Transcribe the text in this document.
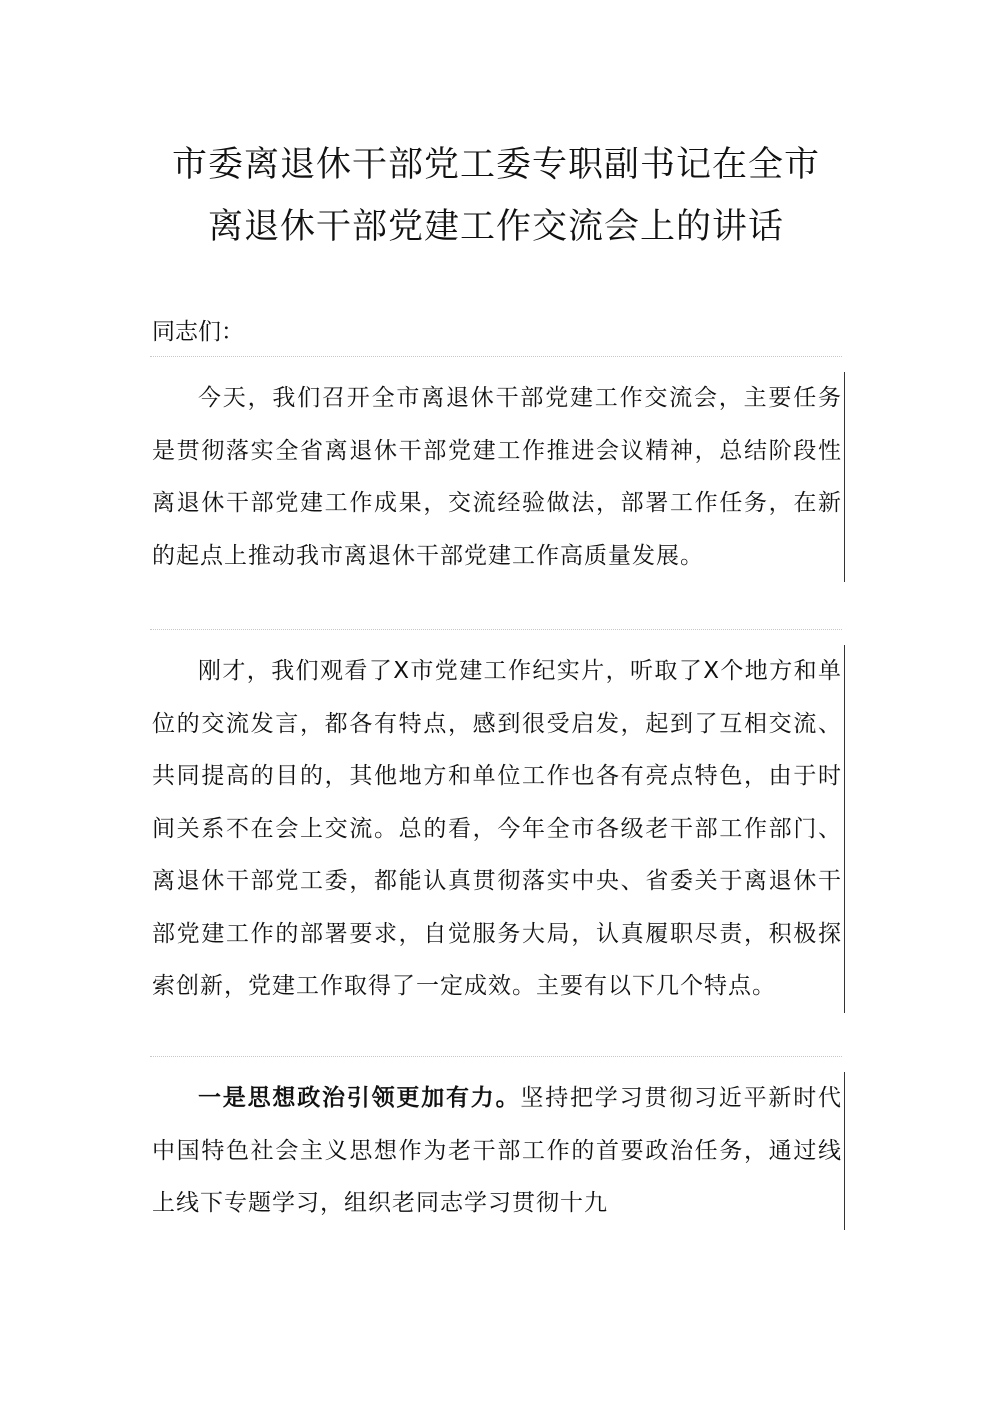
市委离退休干部党工委专职副书记在全市
离退休干部党建工作交流会上的讲话
同志们：

今天，我们召开全市离退休干部党建工作交流会，主要任务是贯彻落实全省离退休干部党建工作推进会议精神，总结阶段性离退休干部党建工作成果，交流经验做法，部署工作任务，在新的起点上推动我市离退休干部党建工作高质量发展。

刚才，我们观看了X市党建工作纪实片，听取了X个地方和单位的交流发言，都各有特点，感到很受启发，起到了互相交流、共同提高的目的，其他地方和单位工作也各有亮点特色，由于时间关系不在会上交流。总的看，今年全市各级老干部工作部门、离退休干部党工委，都能认真贯彻落实中央、省委关于离退休干部党建工作的部署要求，自觉服务大局，认真履职尽责，积极探索创新，党建工作取得了一定成效。主要有以下几个特点。

一是思想政治引领更加有力。坚持把学习贯彻习近平新时代中国特色社会主义思想作为老干部工作的首要政治任务，通过线上线下专题学习，组织老同志学习贯彻十九
